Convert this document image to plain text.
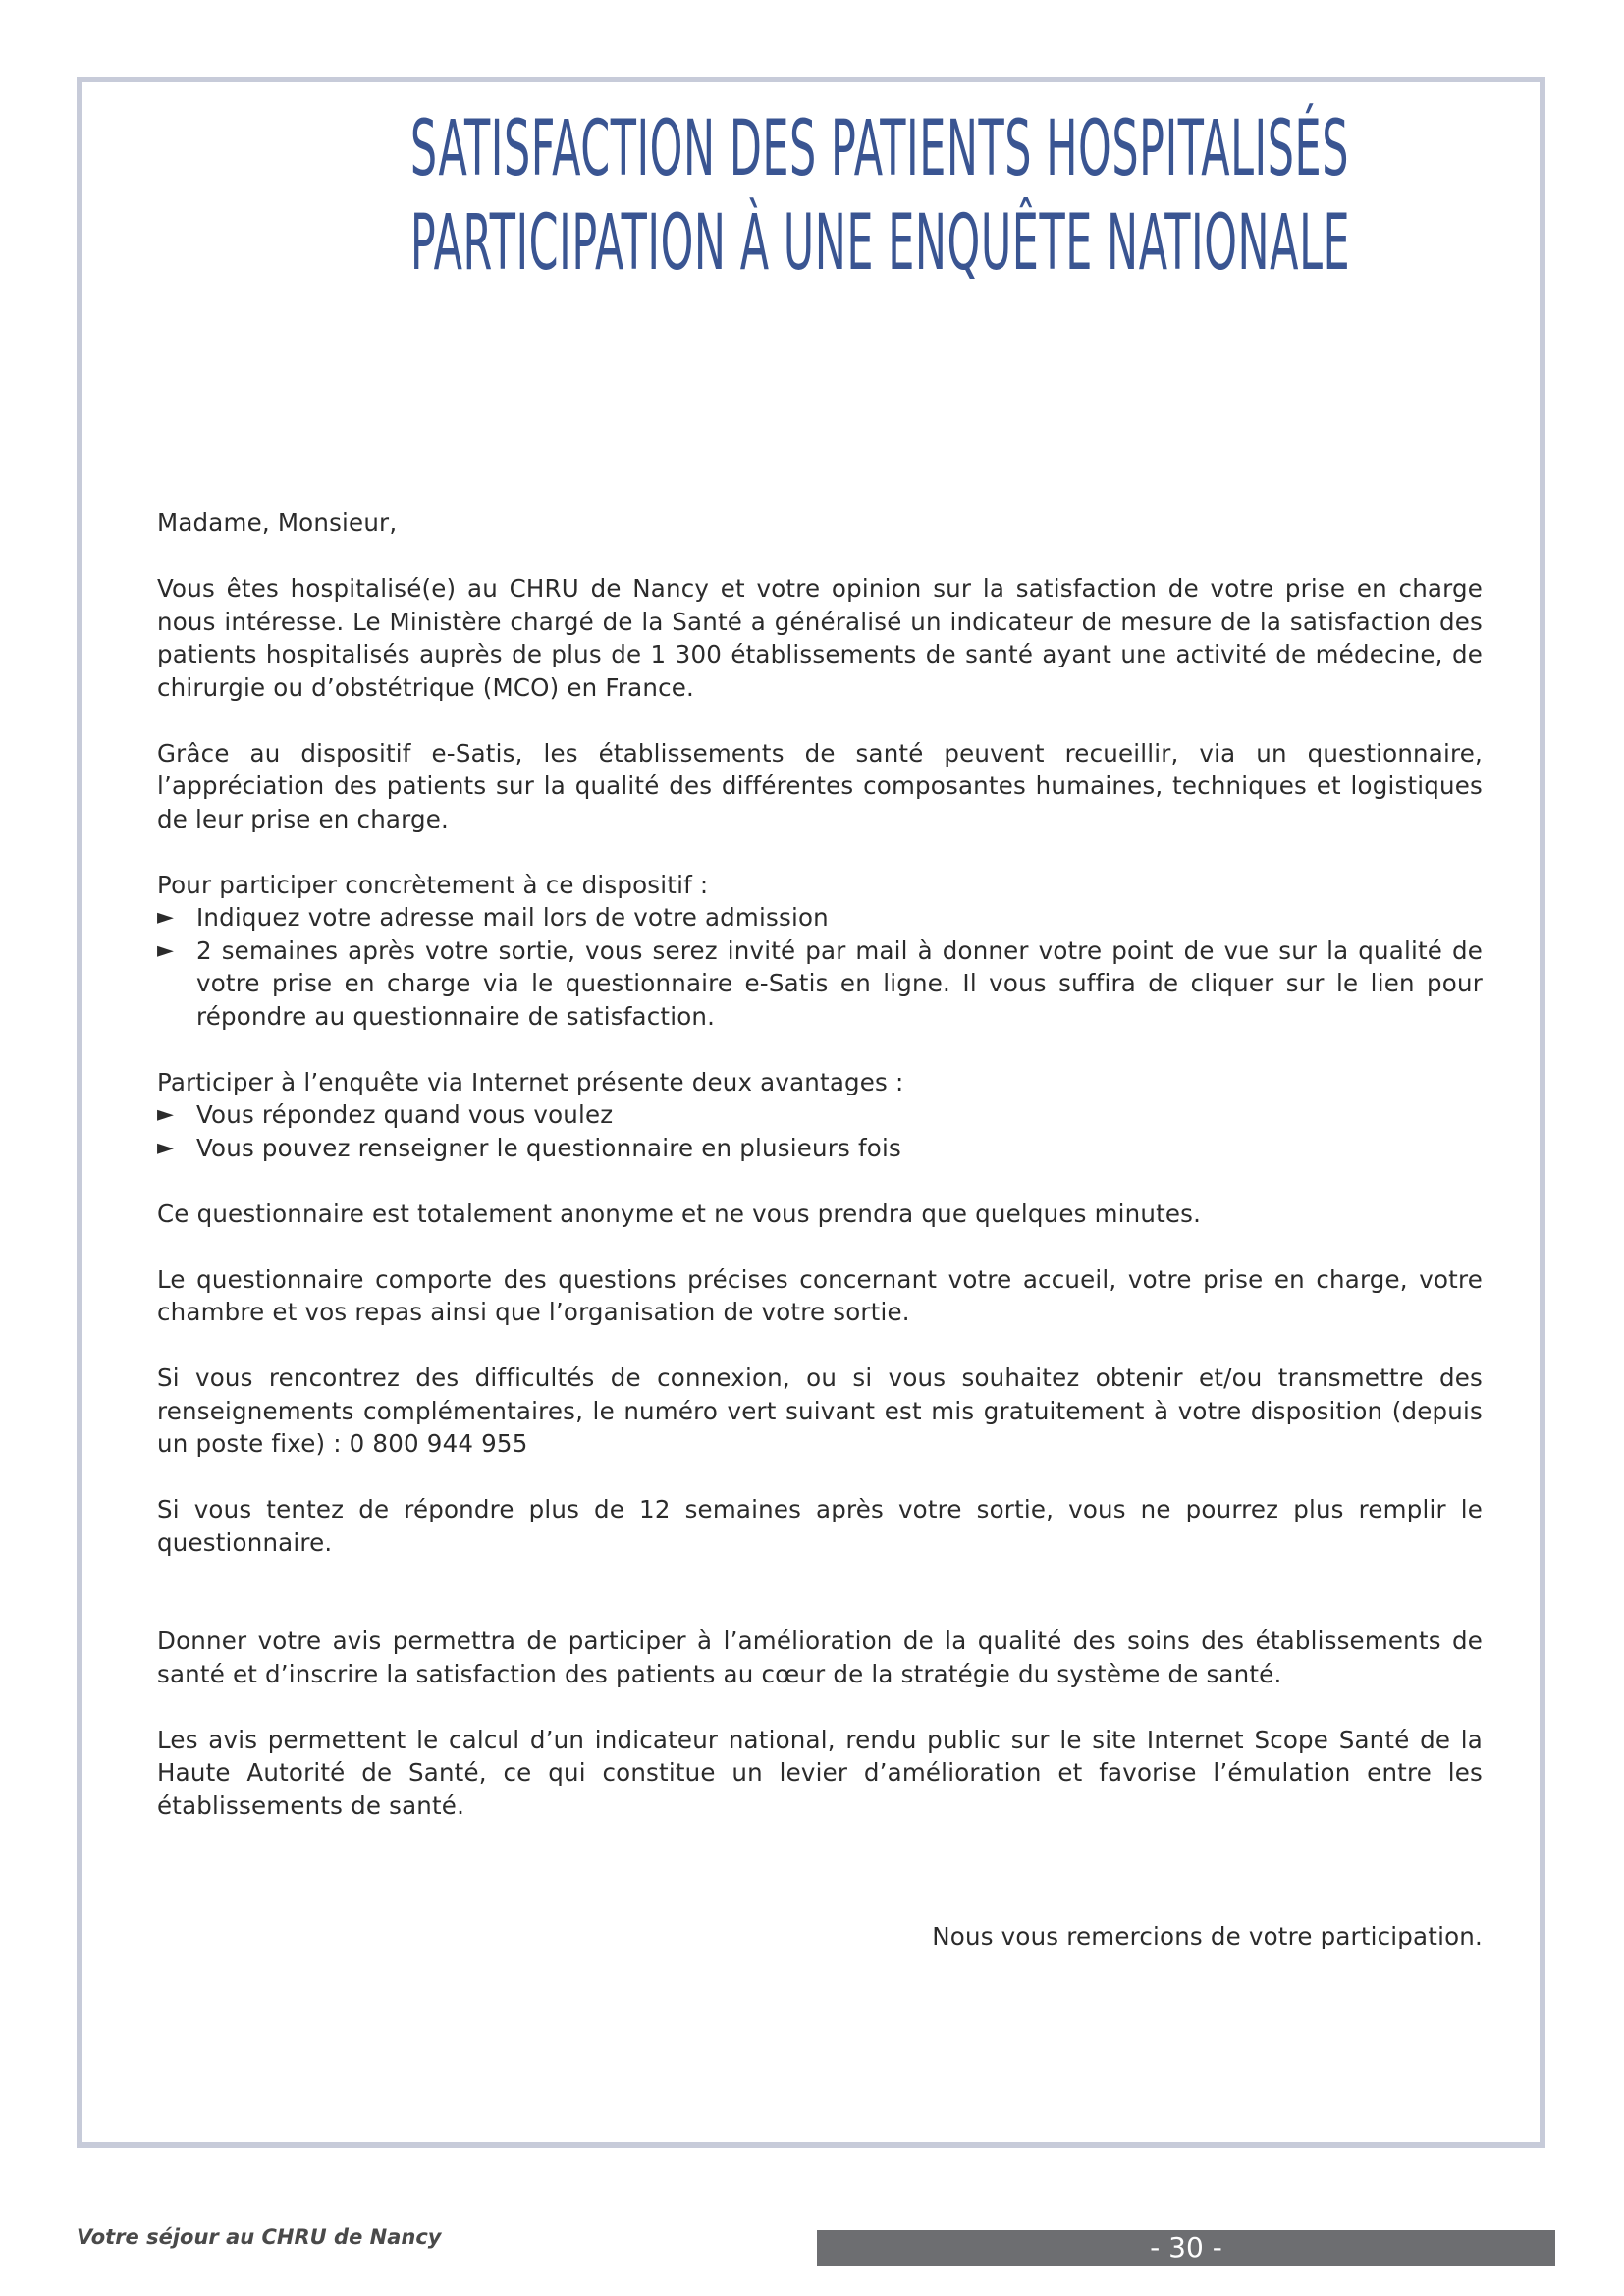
SATISFACTION DES PATIENTS HOSPITALISÉS
PARTICIPATION À UNE ENQUÊTE NATIONALE

Madame, Monsieur,

Vous êtes hospitalisé(e) au CHRU de Nancy et votre opinion sur la satisfaction de votre prise en charge nous intéresse. Le Ministère chargé de la Santé a généralisé un indicateur de mesure de la satisfaction des patients hospitalisés auprès de plus de 1 300 établissements de santé ayant une activité de médecine, de chirurgie ou d’obstétrique (MCO) en France.

Grâce au dispositif e-Satis, les établissements de santé peuvent recueillir, via un questionnaire, l’appréciation des patients sur la qualité des différentes composantes humaines, techniques et logistiques de leur prise en charge.

Pour participer concrètement à ce dispositif :

► Indiquez votre adresse mail lors de votre admission
► 2 semaines après votre sortie, vous serez invité par mail à donner votre point de vue sur la qualité de votre prise en charge via le questionnaire e-Satis en ligne. Il vous suffira de cliquer sur le lien pour répondre au questionnaire de satisfaction.

Participer à l’enquête via Internet présente deux avantages :

► Vous répondez quand vous voulez
► Vous pouvez renseigner le questionnaire en plusieurs fois

Ce questionnaire est totalement anonyme et ne vous prendra que quelques minutes.

Le questionnaire comporte des questions précises concernant votre accueil, votre prise en charge, votre chambre et vos repas ainsi que l’organisation de votre sortie.

Si vous rencontrez des difficultés de connexion, ou si vous souhaitez obtenir et/ou transmettre des renseignements complémentaires, le numéro vert suivant est mis gratuitement à votre disposition (depuis un poste fixe) : 0 800 944 955

Si vous tentez de répondre plus de 12 semaines après votre sortie, vous ne pourrez plus remplir le questionnaire.

Donner votre avis permettra de participer à l’amélioration de la qualité des soins des établissements de santé et d’inscrire la satisfaction des patients au cœur de la stratégie du système de santé.

Les avis permettent le calcul d’un indicateur national, rendu public sur le site Internet Scope Santé de la Haute Autorité de Santé, ce qui constitue un levier d’amélioration et favorise l’émulation entre les établissements de santé.

Nous vous remercions de votre participation.

Votre séjour au CHRU de Nancy	- 30 -
